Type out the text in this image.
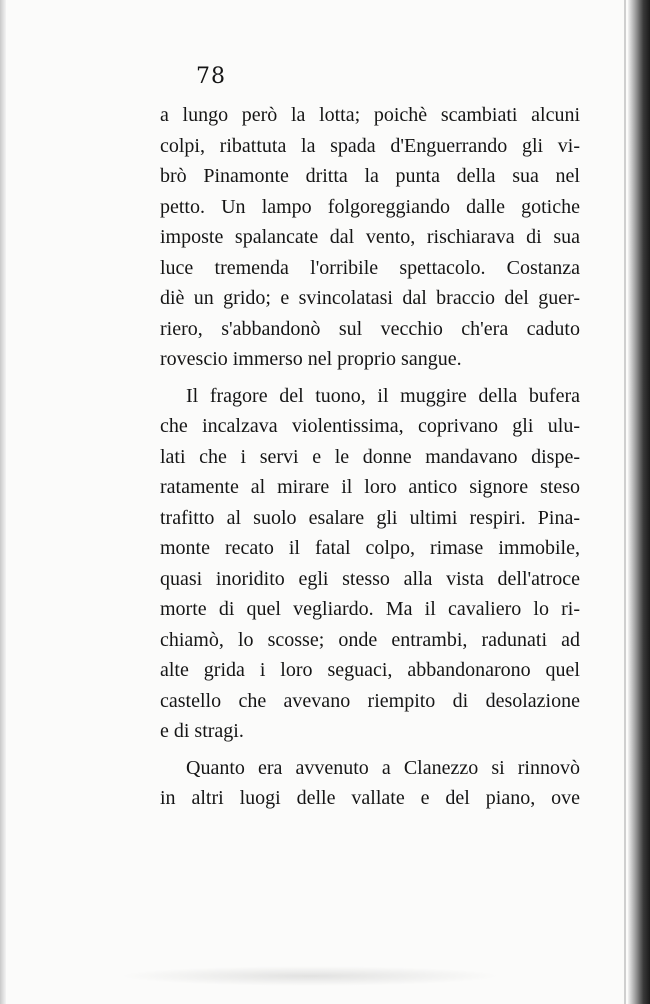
78
a lungo però la lotta; poichè scambiati alcuni
colpi, ribattuta la spada d'Enguerrando gli vi-
brò Pinamonte dritta la punta della sua nel
petto. Un lampo folgoreggiando dalle gotiche
imposte spalancate dal vento, rischiarava di sua
luce tremenda l'orribile spettacolo. Costanza
diè un grido; e svincolatasi dal braccio del guer-
riero, s'abbandonò sul vecchio ch'era caduto
rovescio immerso nel proprio sangue.
Il fragore del tuono, il muggire della bufera
che incalzava violentissima, coprivano gli ulu-
lati che i servi e le donne mandavano dispe-
ratamente al mirare il loro antico signore steso
trafitto al suolo esalare gli ultimi respiri. Pina-
monte recato il fatal colpo, rimase immobile,
quasi inoridito egli stesso alla vista dell'atroce
morte di quel vegliardo. Ma il cavaliero lo ri-
chiamò, lo scosse; onde entrambi, radunati ad
alte grida i loro seguaci, abbandonarono quel
castello che avevano riempito di desolazione
e di stragi.
Quanto era avvenuto a Clanezzo si rinnovò
in altri luogi delle vallate e del piano, ove
